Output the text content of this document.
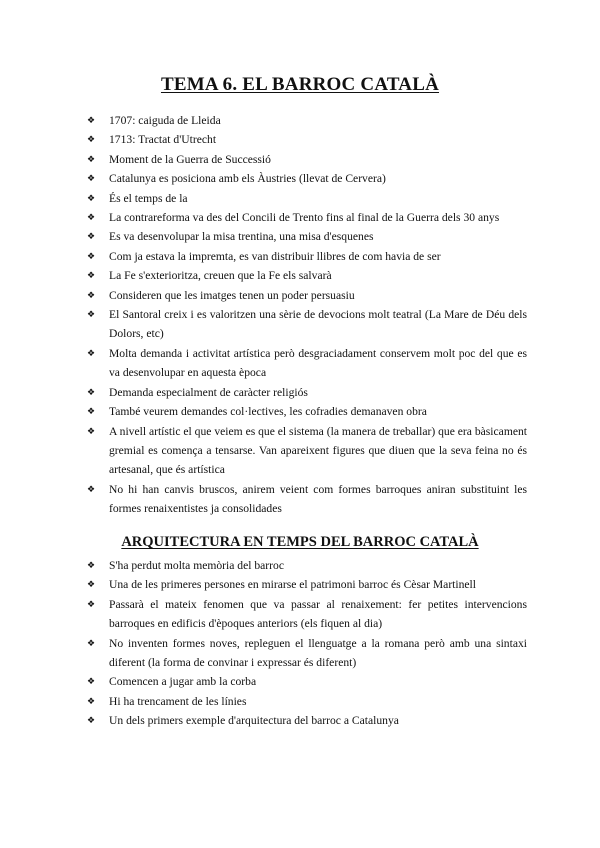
TEMA 6. EL BARROC CATALÀ
❖ 1707: caiguda de Lleida
❖ 1713: Tractat d'Utrecht
❖ Moment de la Guerra de Successió
❖ Catalunya es posiciona amb els Àustries (llevat de Cervera)
❖ És el temps de la
❖ La contrareforma va des del Concili de Trento fins al final de la Guerra dels 30 anys
❖ Es va desenvolupar la misa trentina, una misa d'esquenes
❖ Com ja estava la impremta, es van distribuir llibres de com havia de ser
❖ La Fe s'exterioritza, creuen que la Fe els salvarà
❖ Consideren que les imatges tenen un poder persuasiu
❖ El Santoral creix i es valoritzen una sèrie de devocions molt teatral (La Mare de Déu dels Dolors, etc)
❖ Molta demanda i activitat artística però desgraciadament conservem molt poc del que es va desenvolupar en aquesta època
❖ Demanda especialment de caràcter religiós
❖ També veurem demandes col·lectives, les cofradies demanaven obra
❖ A nivell artístic el que veiem es que el sistema (la manera de treballar) que era bàsicament gremial es comença a tensarse. Van apareixent figures que diuen que la seva feina no és artesanal, que és artística
❖ No hi han canvis bruscos, anirem veient com formes barroques aniran substituint les formes renaixentistes ja consolidades
ARQUITECTURA EN TEMPS DEL BARROC CATALÀ
❖ S'ha perdut molta memòria del barroc
❖ Una de les primeres persones en mirarse el patrimoni barroc és Cèsar Martinell
❖ Passarà el mateix fenomen que va passar al renaixement: fer petites intervencions barroques en edificis d'èpoques anteriors (els fiquen al dia)
❖ No inventen formes noves, repleguen el llenguatge a la romana però amb una sintaxi diferent (la forma de convinar i expressar és diferent)
❖ Comencen a jugar amb la corba
❖ Hi ha trencament de les línies
❖ Un dels primers exemple d'arquitectura del barroc a Catalunya
